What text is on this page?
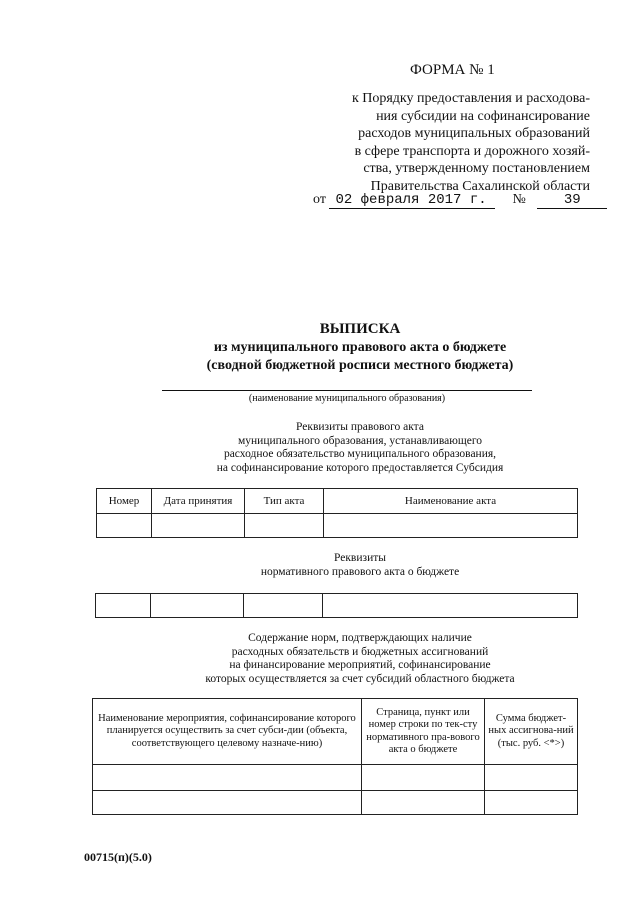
ФОРМА № 1
к Порядку предоставления и расходова-
ния субсидии на софинансирование
расходов муниципальных образований
в сфере транспорта и дорожного хозяй-
ства, утвержденному постановлением
Правительства Сахалинской области
от 02 февраля 2017 г. №	39
ВЫПИСКА
из муниципального правового акта о бюджете
(сводной бюджетной росписи местного бюджета)
(наименование муниципального образования)
Реквизиты правового акта
муниципального образования, устанавливающего
расходное обязательство муниципального образования,
на софинансирование которого предоставляется Субсидия
Номер	Дата принятия	Тип акта	Наименование акта

Реквизиты
нормативного правового акта о бюджете

Содержание норм, подтверждающих наличие
расходных обязательств и бюджетных ассигнований
на финансирование мероприятий, софинансирование
которых осуществляется за счет субсидий областного бюджета
Наименование мероприятия, софинансирование которого планируется осуществить за счет субси-дии (объекта, соответствующего целевому назначе-нию)	Страница, пункт или номер строки по тек-сту нормативного пра-вового акта о бюджете	Сумма бюджет-ных ассигнова-ний (тыс. руб. <*>)

00715(п)(5.0)
